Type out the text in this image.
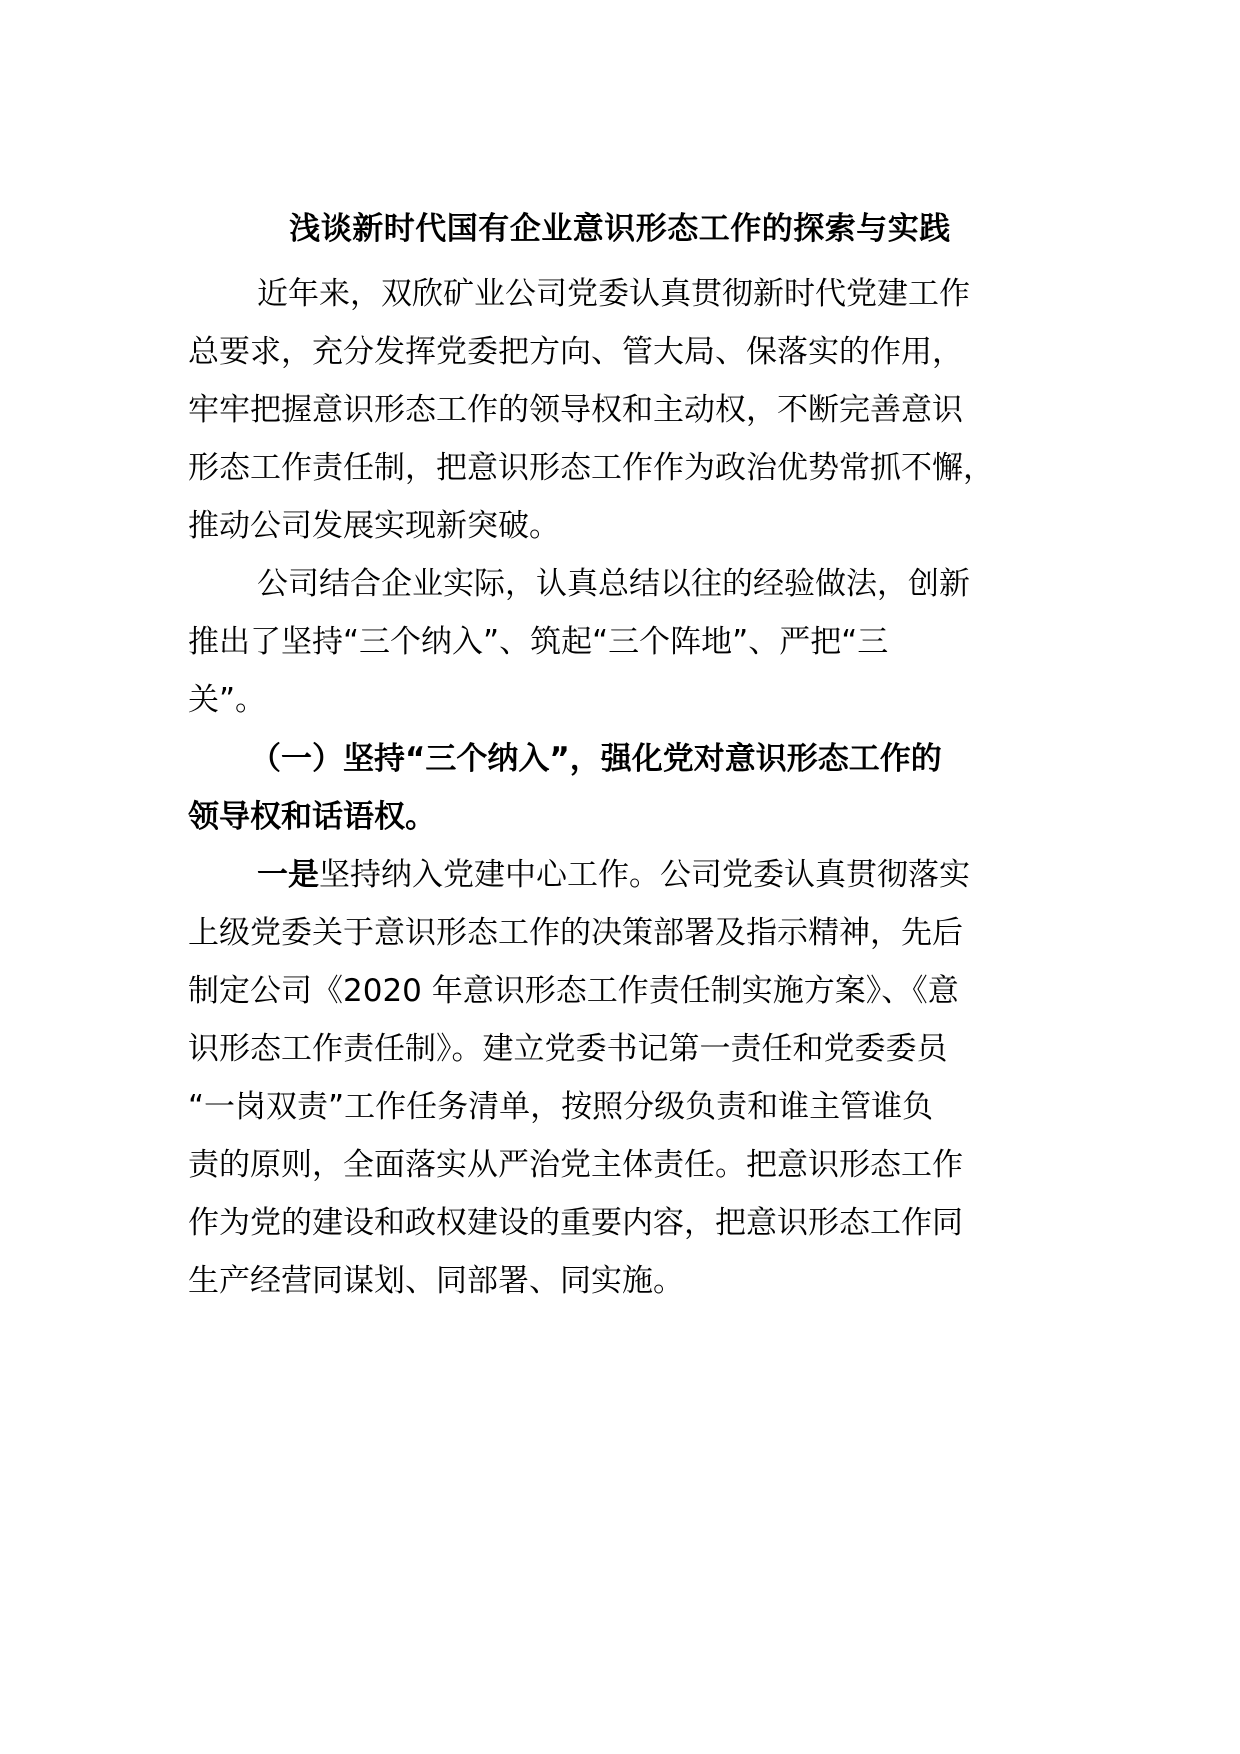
浅谈新时代国有企业意识形态工作的探索与实践
近年来，双欣矿业公司党委认真贯彻新时代党建工作
总要求，充分发挥党委把方向、管大局、保落实的作用，
牢牢把握意识形态工作的领导权和主动权，不断完善意识
形态工作责任制，把意识形态工作作为政治优势常抓不懈，
推动公司发展实现新突破。
公司结合企业实际，认真总结以往的经验做法，创新
推出了坚持“三个纳入”、筑起“三个阵地”、严把“三
关”。
（一）坚持“三个纳入”，强化党对意识形态工作的
领导权和话语权。
一是坚持纳入党建中心工作。公司党委认真贯彻落实
上级党委关于意识形态工作的决策部署及指示精神，先后
制定公司《2020 年意识形态工作责任制实施方案》、《意
识形态工作责任制》。建立党委书记第一责任和党委委员
“一岗双责”工作任务清单，按照分级负责和谁主管谁负
责的原则，全面落实从严治党主体责任。把意识形态工作
作为党的建设和政权建设的重要内容，把意识形态工作同
生产经营同谋划、同部署、同实施。
